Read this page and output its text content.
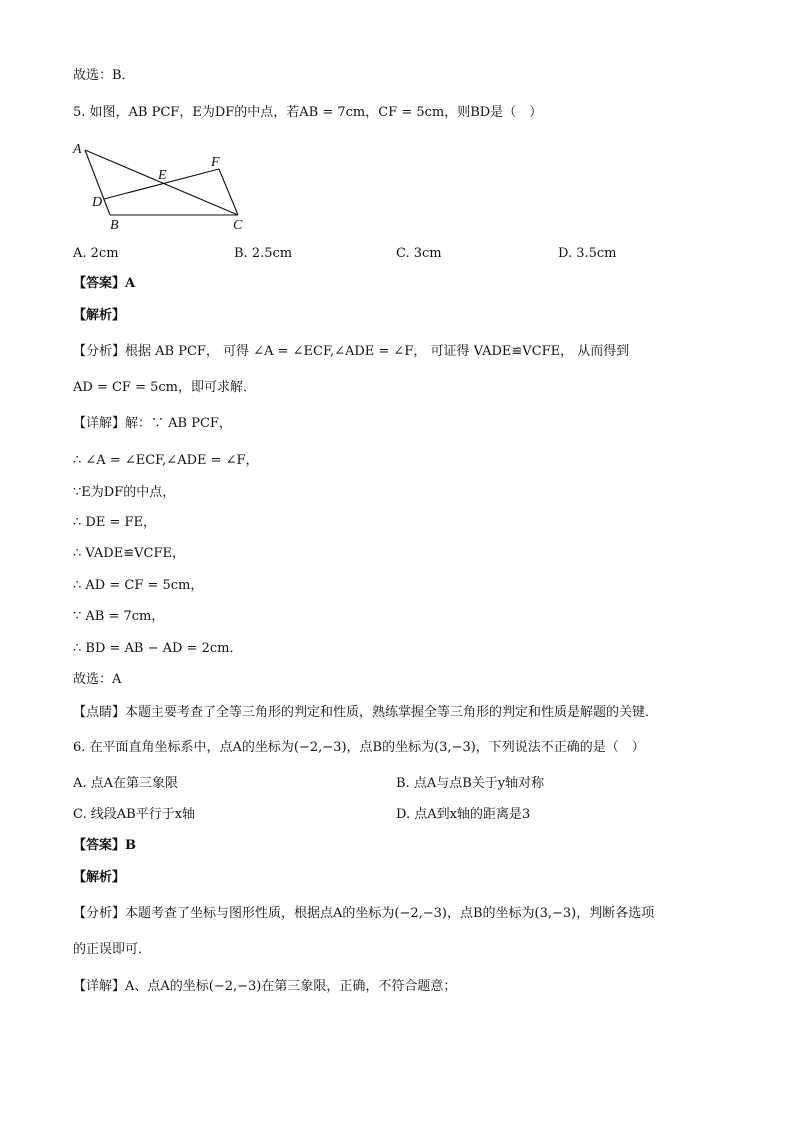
故选：B．
5. 如图，AB PCF，E为DF的中点，若AB = 7cm，CF = 5cm，则BD是（　）
A
E
F
D
B	C
A. 2cm	B. 2.5cm	C. 3cm	D. 3.5cm
【答案】A
【解析】
【分析】根据 AB PCF， 可得 ∠A = ∠ECF,∠ADE = ∠F， 可证得 VADE≌VCFE， 从而得到
AD = CF = 5cm，即可求解．
【详解】解：∵ AB PCF，
∴ ∠A = ∠ECF,∠ADE = ∠F，
∵E为DF的中点，
∴ DE = FE，
∴ VADE≌VCFE，
∴ AD = CF = 5cm，
∵ AB = 7cm，
∴ BD = AB − AD = 2cm．
故选：A
【点睛】本题主要考查了全等三角形的判定和性质，熟练掌握全等三角形的判定和性质是解题的关键．
6. 在平面直角坐标系中，点A的坐标为(−2,−3)，点B的坐标为(3,−3)，下列说法不正确的是（　）
A. 点A在第三象限	B. 点A与点B关于y轴对称
C. 线段AB平行于x轴	D. 点A到x轴的距离是3
【答案】B
【解析】
【分析】本题考查了坐标与图形性质，根据点A的坐标为(−2,−3)，点B的坐标为(3,−3)，判断各选项
的正误即可．
【详解】A、点A的坐标(−2,−3)在第三象限，正确，不符合题意；
